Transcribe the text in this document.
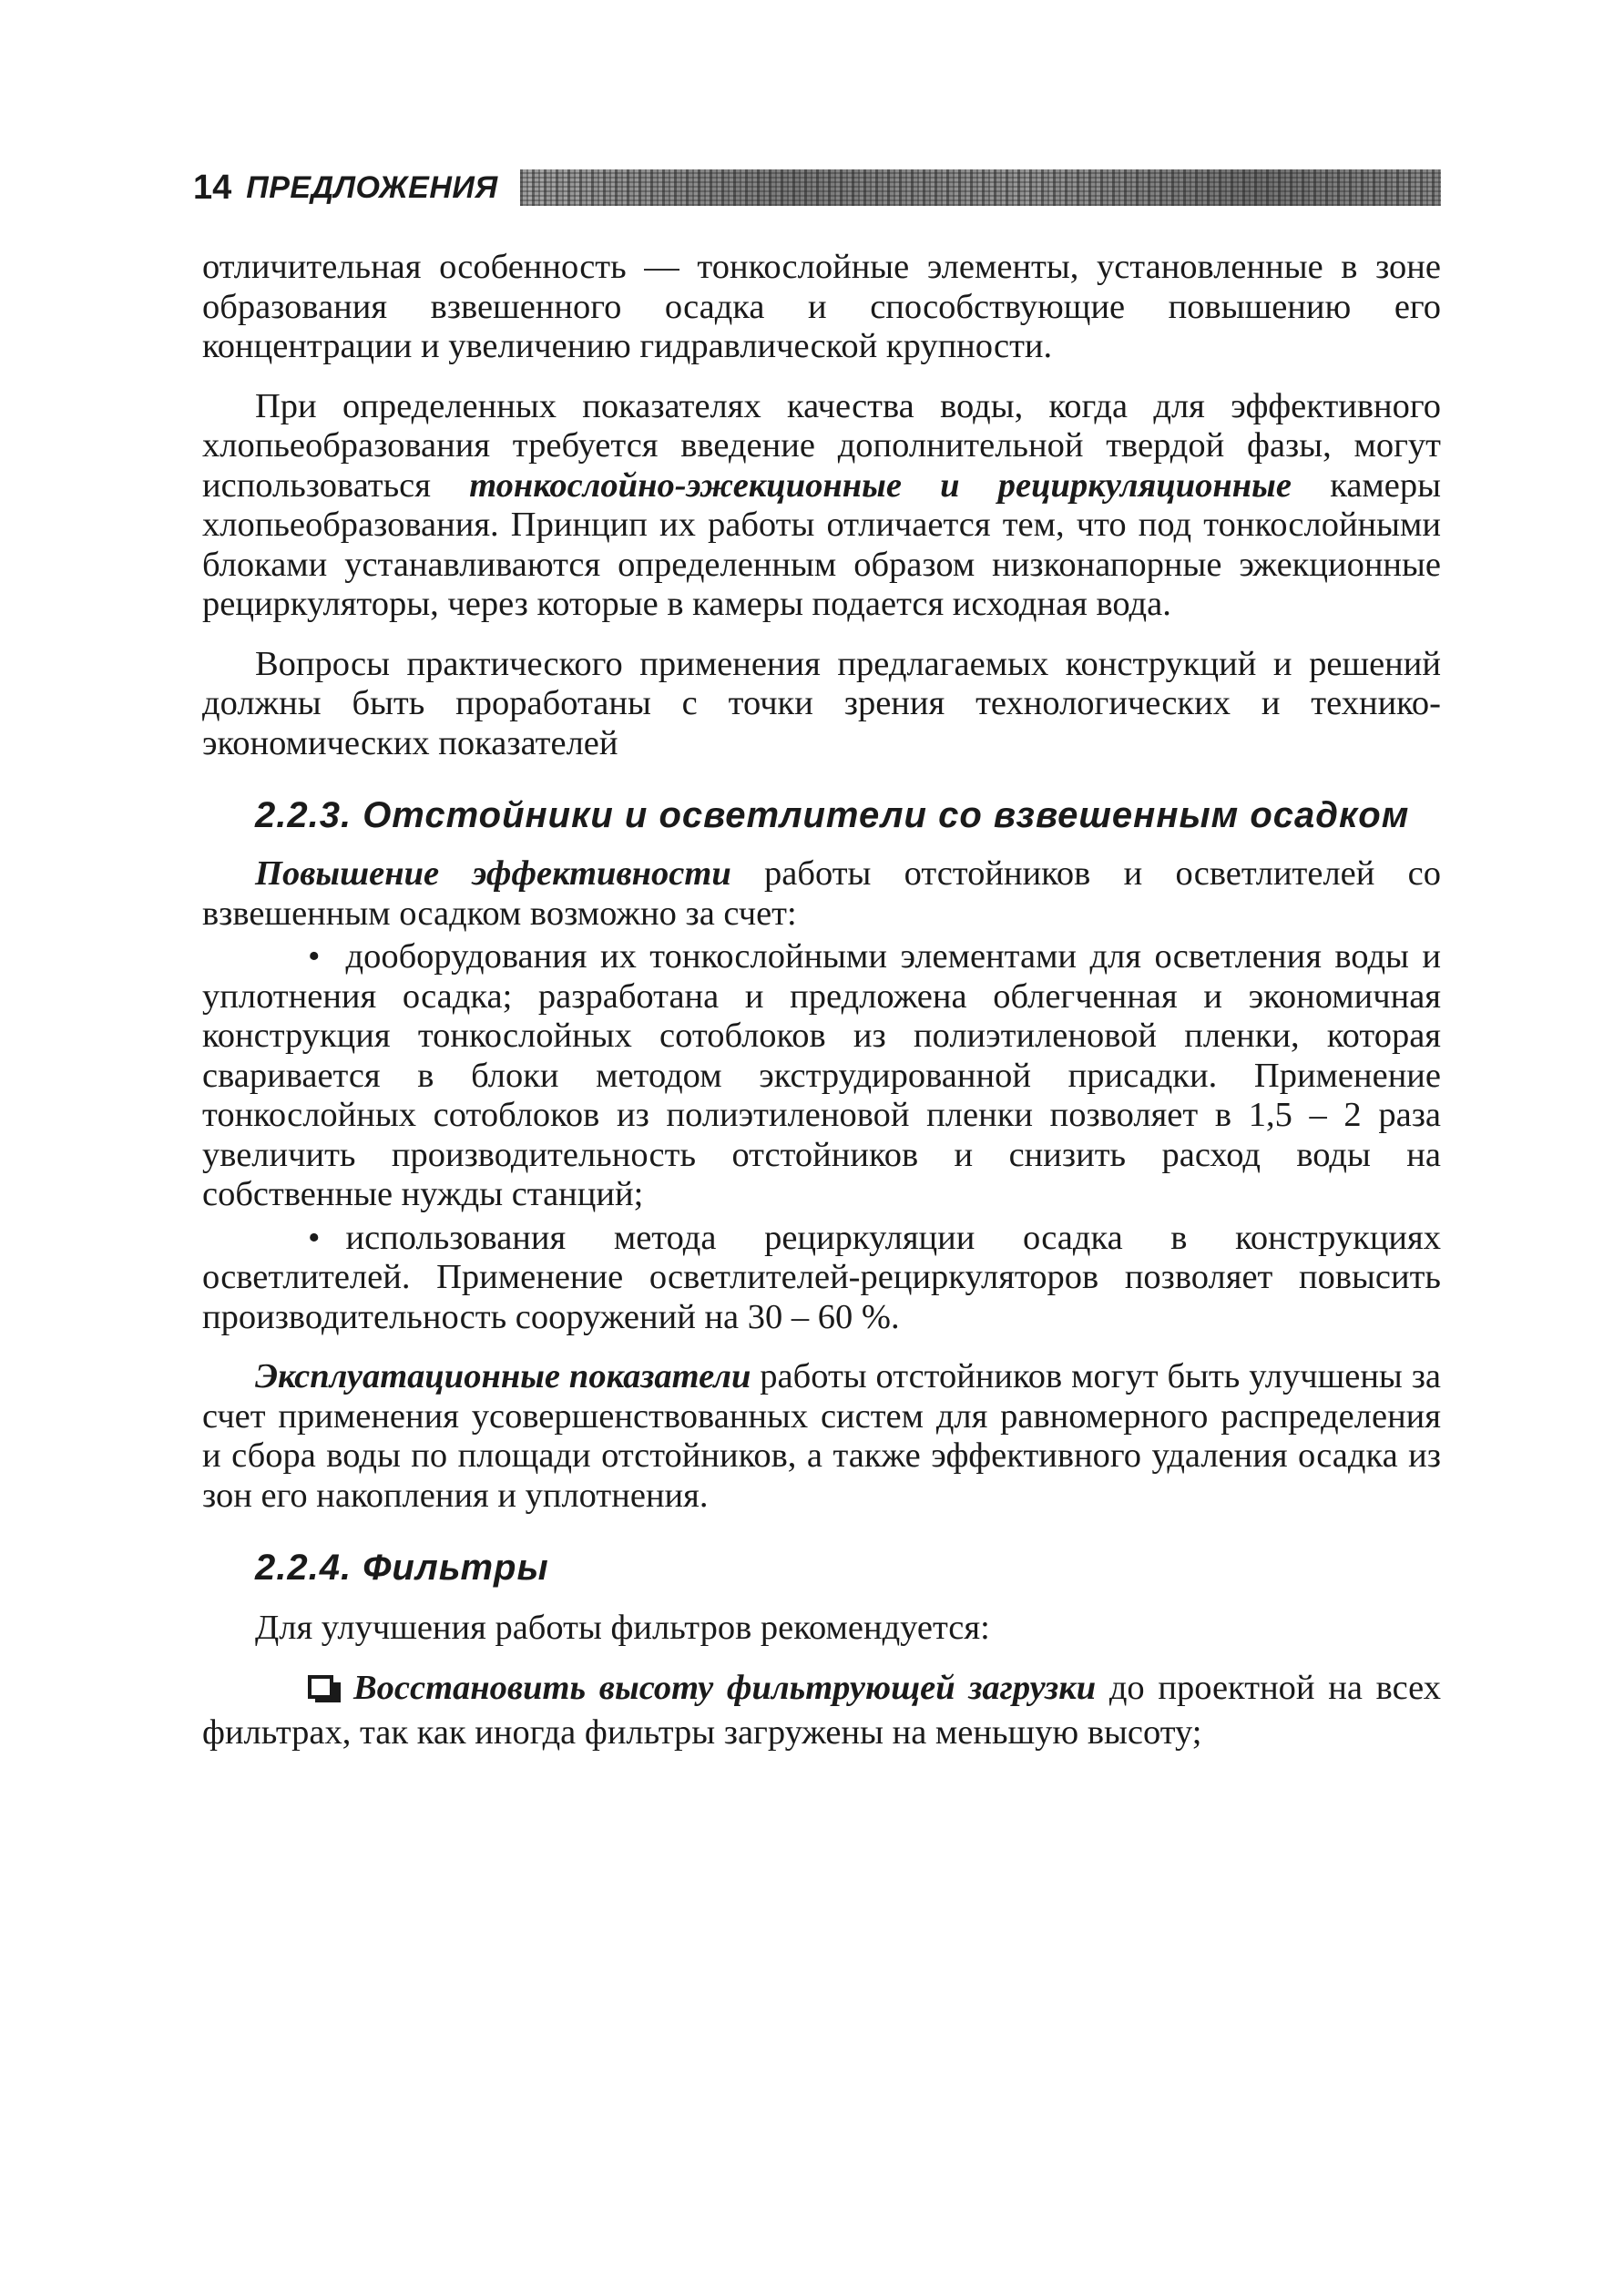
14 ПРЕДЛОЖЕНИЯ

отличительная особенность — тонкослойные элементы, установленные в зоне образования взвешенного осадка и способствующие повышению его концентрации и увеличению гидравлической крупности.

При определенных показателях качества воды, когда для эффективного хлопьеобразования требуется введение дополнительной твердой фазы, могут использоваться тонкослойно-эжекционные и рециркуляционные камеры хлопьеобразования. Принцип их работы отличается тем, что под тонкослойными блоками устанавливаются определенным образом низконапорные эжекционные рециркуляторы, через которые в камеры подается исходная вода.

Вопросы практического применения предлагаемых конструкций и решений должны быть проработаны с точки зрения технологических и технико-экономических показателей

2.2.3. Отстойники и осветлители со взвешенным осадком

Повышение эффективности работы отстойников и осветлителей со взвешенным осадком возможно за счет:

• дооборудования их тонкослойными элементами для осветления воды и уплотнения осадка; разработана и предложена облегченная и экономичная конструкция тонкослойных сотоблоков из полиэтиленовой пленки, которая сваривается в блоки методом экструдированной присадки. Применение тонкослойных сотоблоков из полиэтиленовой пленки позволяет в 1,5 – 2 раза увеличить производительность отстойников и снизить расход воды на собственные нужды станций;

• использования метода рециркуляции осадка в конструкциях осветлителей. Применение осветлителей-рециркуляторов позволяет повысить производительность сооружений на 30 – 60 %.

Эксплуатационные показатели работы отстойников могут быть улучшены за счет применения усовершенствованных систем для равномерного распределения и сбора воды по площади отстойников, а также эффективного удаления осадка из зон его накопления и уплотнения.

2.2.4. Фильтры

Для улучшения работы фильтров рекомендуется:

Восстановить высоту фильтрующей загрузки до проектной на всех фильтрах, так как иногда фильтры загружены на меньшую высоту;
